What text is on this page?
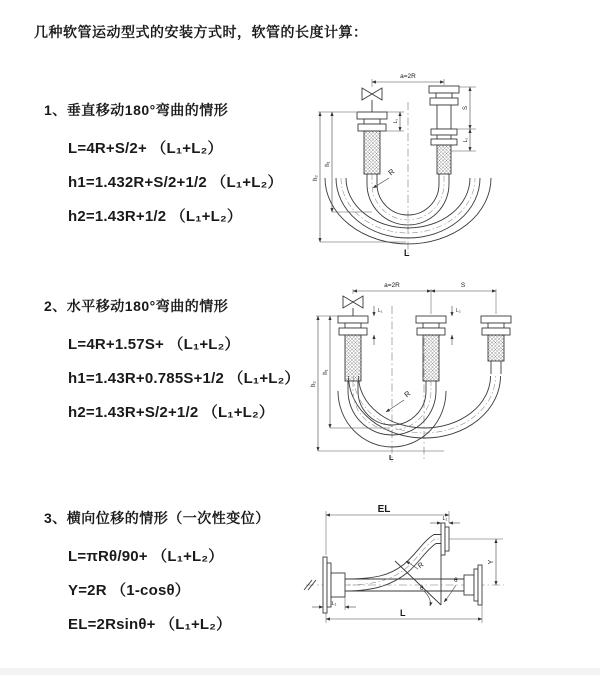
几种软管运动型式的安装方式时，软管的长度计算：
1、垂直移动180°弯曲的情形
L=4R+S/2+ （L₁+L₂）
h1=1.432R+S/2+1/2 （L₁+L₂）
h2=1.43R+1/2 （L₁+L₂）
a=2R
h₂
h₁
L₁
S
L₂
R
L
2、水平移动180°弯曲的情形
L=4R+1.57S+ （L₁+L₂）
h1=1.43R+0.785S+1/2 （L₁+L₂）
h2=1.43R+S/2+1/2 （L₁+L₂）
a=2R	S
h₂
h₁
L₁	L₂
R
L
3、横向位移的情形（一次性变位）
L=πRθ/90+ （L₁+L₂）
Y=2R （1-cosθ）
EL=2Rsinθ+ （L₁+L₂）
θ
θ
R
EL
L₁
Y
L
L₁
